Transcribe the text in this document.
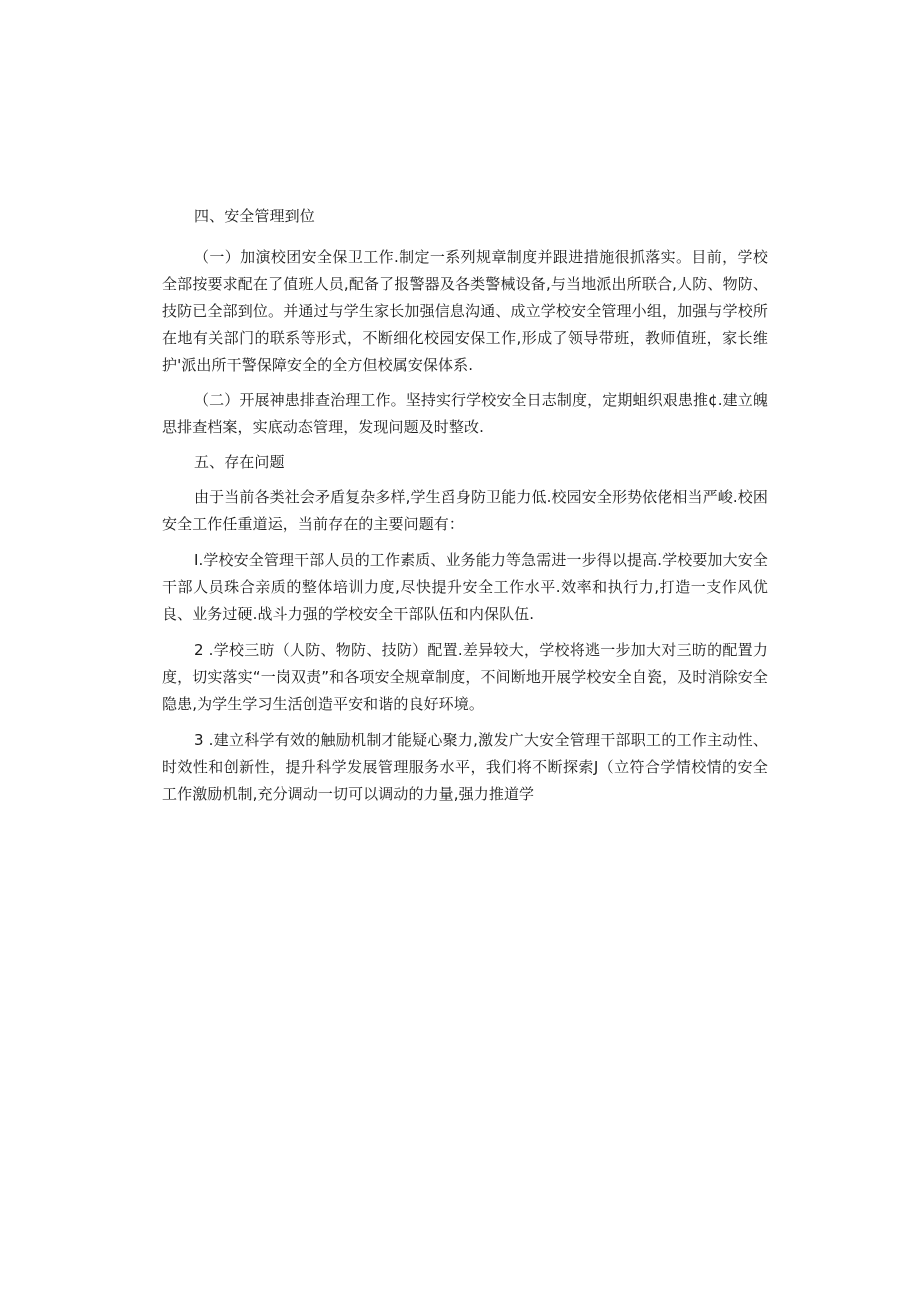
四、安全管理到位

（一）加演校团安全保卫工作.制定一系列规章制度并跟进措施很抓落实。目前，学校全部按要求配在了值班人员,配备了报警器及各类警械设备,与当地派出所联合,人防、物防、技防已全部到位。并通过与学生家长加强信息沟通、成立学校安全管理小组，加强与学校所在地有关部门的联系等形式，不断细化校园安保工作,形成了领导带班，教师值班，家长维护'派出所干警保障安全的全方但校属安保体系.

（二）开展神患排查治理工作。坚持实行学校安全日志制度，定期蛆织艰患推¢.建立魄思排查档案，实底动态管理，发现问题及时整改.

五、存在问题

由于当前各类社会矛盾复杂多样,学生舀身防卫能力低.校园安全形势依佬相当严峻.校困安全工作任重道运，当前存在的主要问题有：

I.学校安全管理干部人员的工作素质、业务能力等急需进一步得以提高.学校要加大安全干部人员珠合亲质的整体培训力度,尽快提升安全工作水平.效率和执行力,打造一支作风优良、业务过硬.战斗力强的学校安全干部队伍和内保队伍.

2 .学校三昉（人防、物防、技防）配置.差异较大，学校将逃一步加大对三昉的配置力度，切实落实“一岗双责”和各项安全规章制度，不间断地开展学校安全自瓷，及时消除安全隐患,为学生学习生活创造平安和谐的良好环境。

3 .建立科学有效的触励机制才能疑心聚力,激发广大安全管理干部职工的工作主动性、时效性和创新性，提升科学发展管理服务水平，我们将不断探索J（立符合学情校情的安全工作激励机制,充分调动一切可以调动的力量,强力推道学
